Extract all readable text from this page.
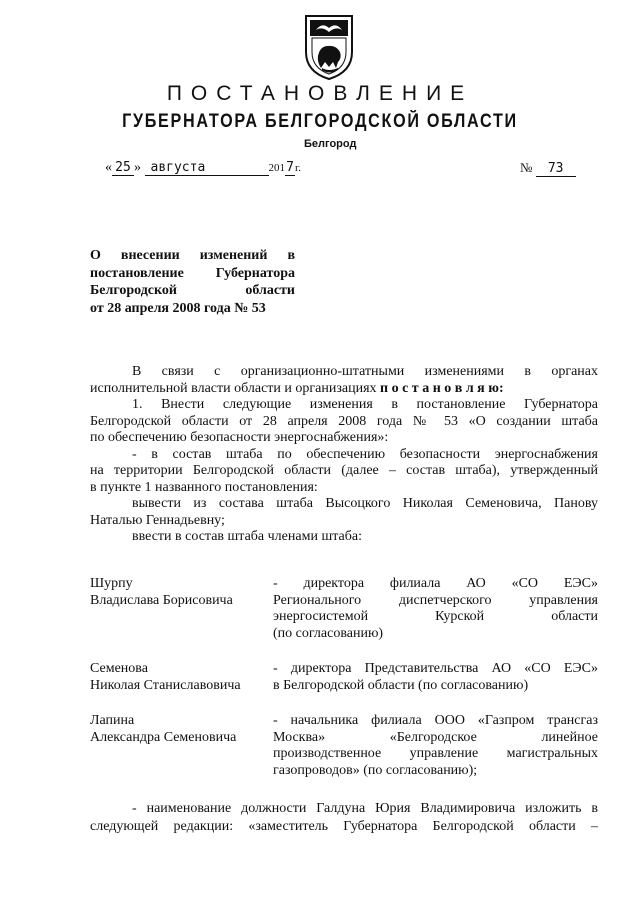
ПОСТАНОВЛЕНИЕ
ГУБЕРНАТОРА БЕЛГОРОДСКОЙ ОБЛАСТИ
Белгород
« 25 » августа	2017г.	№ 73
О внесении изменений в
постановление Губернатора
Белгородской области
от 28 апреля 2008 года № 53
В связи с организационно-штатными изменениями в органах
исполнительной власти области и организациях п о с т а н о в л я ю:
1. Внести следующие изменения в постановление Губернатора
Белгородской области от 28 апреля 2008 года № 53 «О создании штаба
по обеспечению безопасности энергоснабжения»:
- в состав штаба по обеспечению безопасности энергоснабжения
на территории Белгородской области (далее – состав штаба), утвержденный
в пункте 1 названного постановления:
вывести из состава штаба Высоцкого Николая Семеновича, Панову
Наталью Геннадьевну;
ввести в состав штаба членами штаба:
Шурпу
Владислава Борисовича
- директора филиала АО «СО ЕЭС»
Регионального диспетчерского управления
энергосистемой Курской области
(по согласованию)
Семенова
Николая Станиславовича
- директора Представительства АО «СО ЕЭС»
в Белгородской области (по согласованию)
Лапина
Александра Семеновича
- начальника филиала ООО «Газпром трансгаз
Москва» «Белгородское линейное
производственное управление магистральных
газопроводов» (по согласованию);
- наименование должности Галдуна Юрия Владимировича изложить в
следующей редакции: «заместитель Губернатора Белгородской области –
